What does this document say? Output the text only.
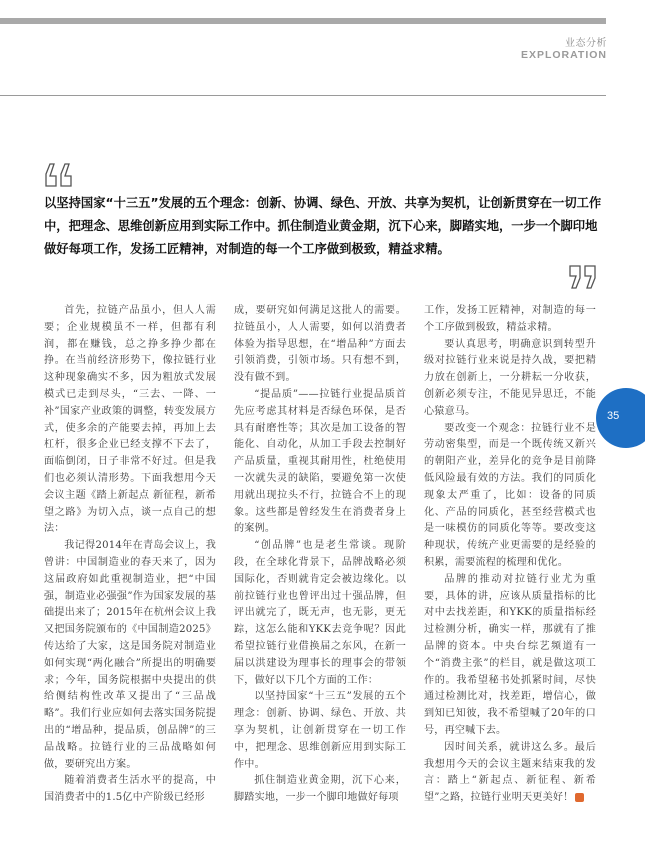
业态分析
EXPLORATION

以坚持国家“十三五”发展的五个理念：创新、协调、绿色、开放、共享为契机，让创新贯穿在一切工作中，把理念、思维创新应用到实际工作中。抓住制造业黄金期，沉下心来，脚踏实地，一步一个脚印地做好每项工作，发扬工匠精神，对制造的每一个工序做到极致，精益求精。

首先，拉链产品虽小，但人人需要；企业规模虽不一样，但都有利润，都在赚钱，总之挣多挣少都在挣。在当前经济形势下，像拉链行业这种现象确实不多，因为粗放式发展模式已走到尽头，“三去、一降、一补”国家产业政策的调整，转变发展方式，使多余的产能要去掉，再加上去杠杆，很多企业已经支撑不下去了，面临倒闭，日子非常不好过。但是我们也必须认清形势。下面我想用今天会议主题《踏上新起点 新征程，新希望之路》为切入点，谈一点自己的想法：

我记得2014年在青岛会议上，我曾讲：中国制造业的春天来了，因为这届政府如此重视制造业，把“中国强，制造业必强强”作为国家发展的基础提出来了；2015年在杭州会议上我又把国务院颁布的《中国制造2025》传达给了大家，这是国务院对制造业如何实现“两化融合”所提出的明确要求；今年，国务院根据中央提出的供给侧结构性改革又提出了“三品战略”。我们行业应如何去落实国务院提出的“增品种，提品质，创品牌”的三品战略。拉链行业的三品战略如何做，要研究出方案。

随着消费者生活水平的提高，中国消费者中的1.5亿中产阶级已经形

成，要研究如何满足这批人的需要。拉链虽小，人人需要，如何以消费者体验为指导思想，在“增品种”方面去引领消费，引领市场。只有想不到，没有做不到。

“提品质”——拉链行业提品质首先应考虑其材料是否绿色环保，是否具有耐磨性等；其次是加工设备的智能化、自动化，从加工手段去控制好产品质量，重视其耐用性，杜绝使用一次就失灵的缺陷，要避免第一次使用就出现拉头不行，拉链合不上的现象。这些都是曾经发生在消费者身上的案例。

“创品牌”也是老生常谈。现阶段，在全球化背景下，品牌战略必须国际化，否则就肯定会被边缘化。以前拉链行业也曾评出过十强品牌，但评出就完了，既无声，也无影，更无踪，这怎么能和YKK去竞争呢？因此希望拉链行业借换届之东风，在新一届以洪建设为理事长的理事会的带领下，做好以下几个方面的工作：

以坚持国家“十三五”发展的五个理念：创新、协调、绿色、开放、共享为契机，让创新贯穿在一切工作中，把理念、思维创新应用到实际工作中。

抓住制造业黄金期，沉下心来，脚踏实地，一步一个脚印地做好每项

工作，发扬工匠精神，对制造的每一个工序做到极致，精益求精。

要认真思考，明确意识到转型升级对拉链行业来说是持久战，要把精力放在创新上，一分耕耘一分收获，创新必须专注，不能见异思迁，不能心猿意马。

要改变一个观念：拉链行业不是劳动密集型，而是一个既传统又新兴的朝阳产业，差异化的竞争是目前降低风险最有效的方法。我们的同质化现象太严重了，比如：设备的同质化、产品的同质化，甚至经营模式也是一味模仿的同质化等等。要改变这种现状，传统产业更需要的是经验的积累，需要流程的梳理和优化。

品牌的推动对拉链行业尤为重要，具体的讲，应该从质量指标的比对中去找差距，和YKK的质量指标经过检测分析，确实一样，那就有了推品牌的资本。中央台综艺频道有一个“消费主张”的栏目，就是做这项工作的。我希望秘书处抓紧时间，尽快通过检测比对，找差距，增信心，做到知已知彼，我不希望喊了20年的口号，再空喊下去。

因时间关系，就讲这么多。最后我想用今天的会议主题来结束我的发言：踏上“新起点、新征程、新希望”之路，拉链行业明天更美好！

35
